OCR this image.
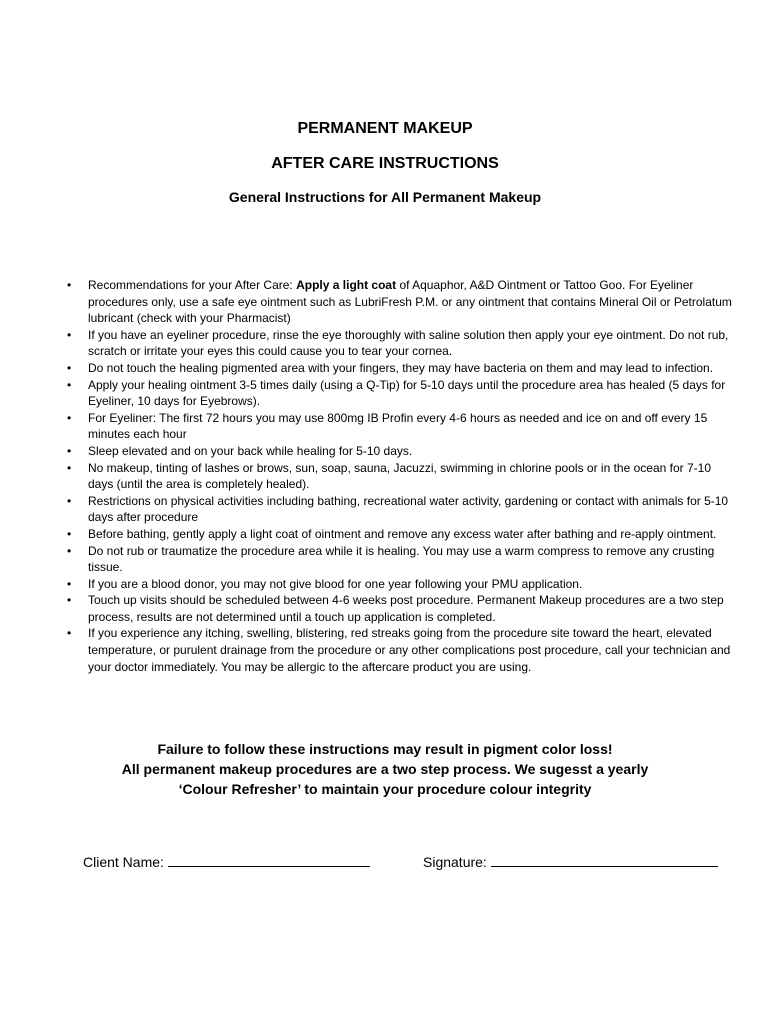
PERMANENT MAKEUP
AFTER CARE INSTRUCTIONS
General Instructions for All Permanent Makeup
• Recommendations for your After Care: Apply a light coat of Aquaphor, A&D Ointment or Tattoo Goo. For Eyeliner procedures only, use a safe eye ointment such as LubriFresh P.M. or any ointment that contains Mineral Oil or Petrolatum lubricant (check with your Pharmacist)
• If you have an eyeliner procedure, rinse the eye thoroughly with saline solution then apply your eye ointment. Do not rub, scratch or irritate your eyes this could cause you to tear your cornea.
• Do not touch the healing pigmented area with your fingers, they may have bacteria on them and may lead to infection.
• Apply your healing ointment 3-5 times daily (using a Q-Tip) for 5-10 days until the procedure area has healed (5 days for Eyeliner, 10 days for Eyebrows).
• For Eyeliner: The first 72 hours you may use 800mg IB Profin every 4-6 hours as needed and ice on and off every 15 minutes each hour
• Sleep elevated and on your back while healing for 5-10 days.
• No makeup, tinting of lashes or brows, sun, soap, sauna, Jacuzzi, swimming in chlorine pools or in the ocean for 7-10 days (until the area is completely healed).
• Restrictions on physical activities including bathing, recreational water activity, gardening or contact with animals for 5-10 days after procedure
• Before bathing, gently apply a light coat of ointment and remove any excess water after bathing and re-apply ointment.
• Do not rub or traumatize the procedure area while it is healing. You may use a warm compress to remove any crusting tissue.
• If you are a blood donor, you may not give blood for one year following your PMU application.
• Touch up visits should be scheduled between 4-6 weeks post procedure. Permanent Makeup procedures are a two step process, results are not determined until a touch up application is completed.
• If you experience any itching, swelling, blistering, red streaks going from the procedure site toward the heart, elevated temperature, or purulent drainage from the procedure or any other complications post procedure, call your technician and your doctor immediately. You may be allergic to the aftercare product you are using.
Failure to follow these instructions may result in pigment color loss!
All permanent makeup procedures are a two step process. We sugesst a yearly
‘Colour Refresher’ to maintain your procedure colour integrity
Client Name:	Signature:
